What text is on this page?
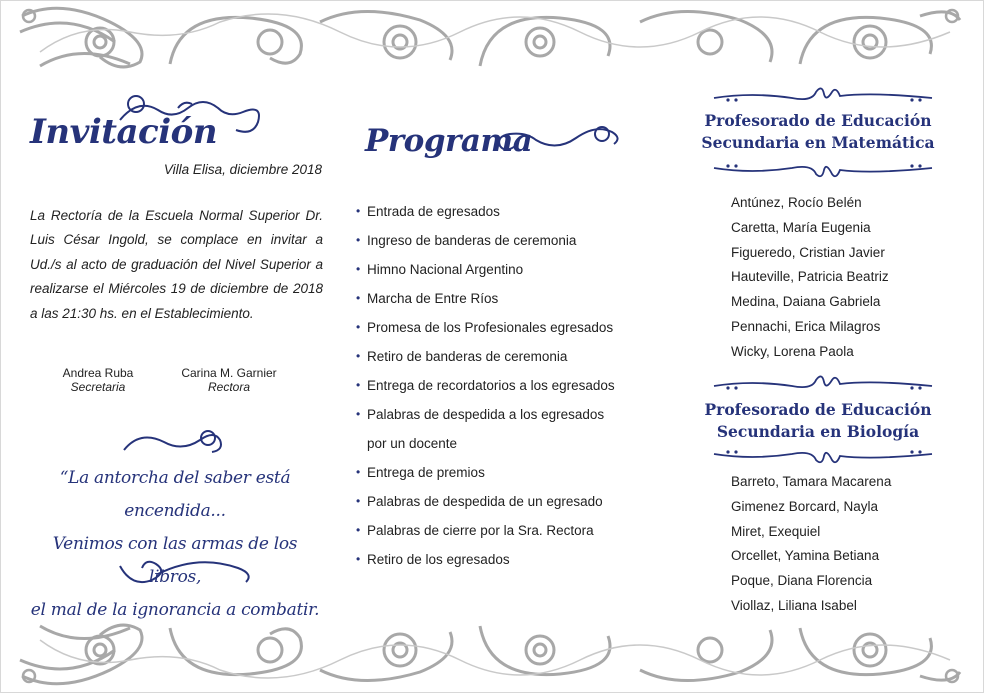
Invitación
Villa Elisa, diciembre 2018
La Rectoría de la Escuela Normal Superior Dr. Luis César Ingold, se complace en invitar a Ud./s al acto de graduación del Nivel Superior a realizarse el Miércoles 19 de diciembre de 2018 a las 21:30 hs. en el Establecimiento.
Andrea Ruba
Secretaria
Carina M. Garnier
Rectora
“La antorcha del saber está encendida...
Venimos con las armas de los libros,
el mal de la ignorancia a combatir.
Programa
• Entrada de egresados
• Ingreso de banderas de ceremonia
• Himno Nacional Argentino
• Marcha de Entre Ríos
• Promesa de los Profesionales egresados
• Retiro de banderas de ceremonia
• Entrega de recordatorios a los egresados
• Palabras de despedida a los egresados
por un docente
• Entrega de premios
• Palabras de despedida de un egresado
• Palabras de cierre por la Sra. Rectora
• Retiro de los egresados
Profesorado de Educación
Secundaria en Matemática
Antúnez, Rocío Belén
Caretta, María Eugenia
Figueredo, Cristian Javier
Hauteville, Patricia Beatriz
Medina, Daiana Gabriela
Pennachi, Erica Milagros
Wicky, Lorena Paola
Profesorado de Educación
Secundaria en Biología
Barreto, Tamara Macarena
Gimenez Borcard, Nayla
Miret, Exequiel
Orcellet, Yamina Betiana
Poque, Diana Florencia
Viollaz, Liliana Isabel
